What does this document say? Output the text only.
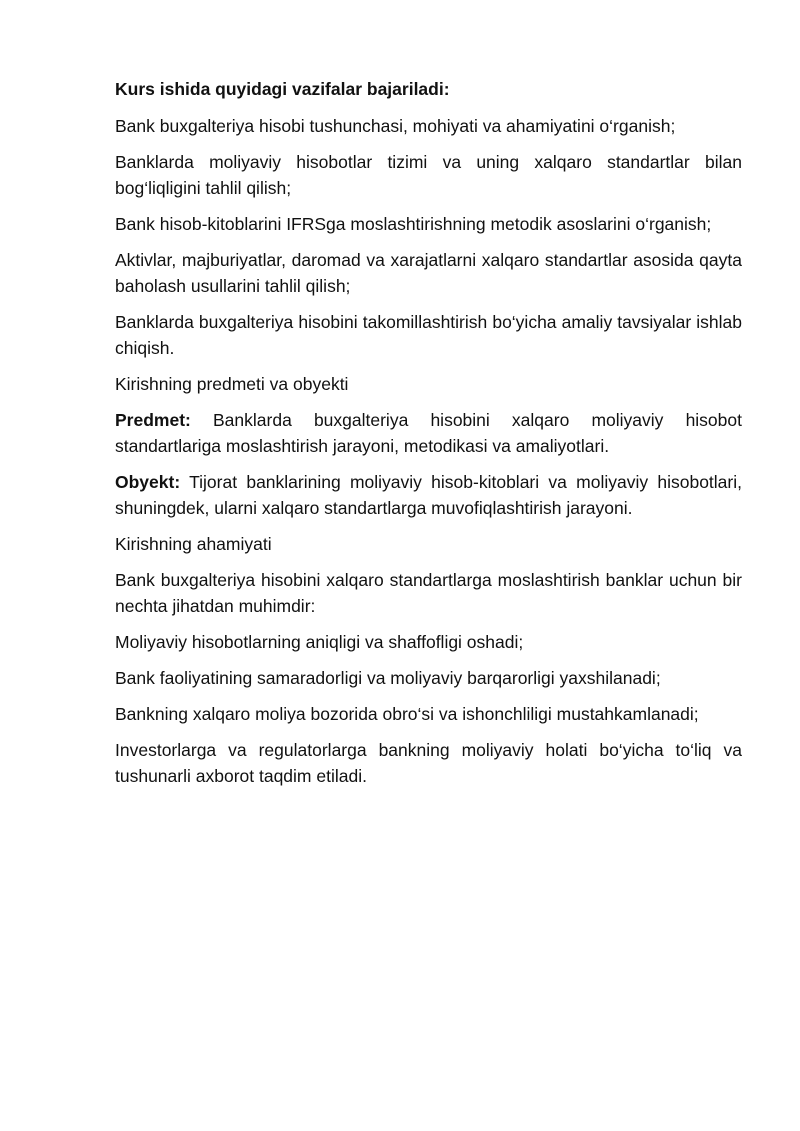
Kurs ishida quyidagi vazifalar bajariladi:

Bank buxgalteriya hisobi tushunchasi, mohiyati va ahamiyatini o‘rganish;

Banklarda moliyaviy hisobotlar tizimi va uning xalqaro standartlar bilan bog‘liqligini tahlil qilish;

Bank hisob-kitoblarini IFRSga moslashtirishning metodik asoslarini o‘rganish;

Aktivlar, majburiyatlar, daromad va xarajatlarni xalqaro standartlar asosida qayta baholash usullarini tahlil qilish;

Banklarda buxgalteriya hisobini takomillashtirish bo‘yicha amaliy tavsiyalar ishlab chiqish.

Kirishning predmeti va obyekti

Predmet: Banklarda buxgalteriya hisobini xalqaro moliyaviy hisobot standartlariga moslashtirish jarayoni, metodikasi va amaliyotlari.

Obyekt: Tijorat banklarining moliyaviy hisob-kitoblari va moliyaviy hisobotlari, shuningdek, ularni xalqaro standartlarga muvofiqlashtirish jarayoni.

Kirishning ahamiyati

Bank buxgalteriya hisobini xalqaro standartlarga moslashtirish banklar uchun bir nechta jihatdan muhimdir:

Moliyaviy hisobotlarning aniqligi va shaffofligi oshadi;

Bank faoliyatining samaradorligi va moliyaviy barqarorligi yaxshilanadi;

Bankning xalqaro moliya bozorida obro‘si va ishonchliligi mustahkamlanadi;

Investorlarga va regulatorlarga bankning moliyaviy holati bo‘yicha to‘liq va tushunarli axborot taqdim etiladi.
